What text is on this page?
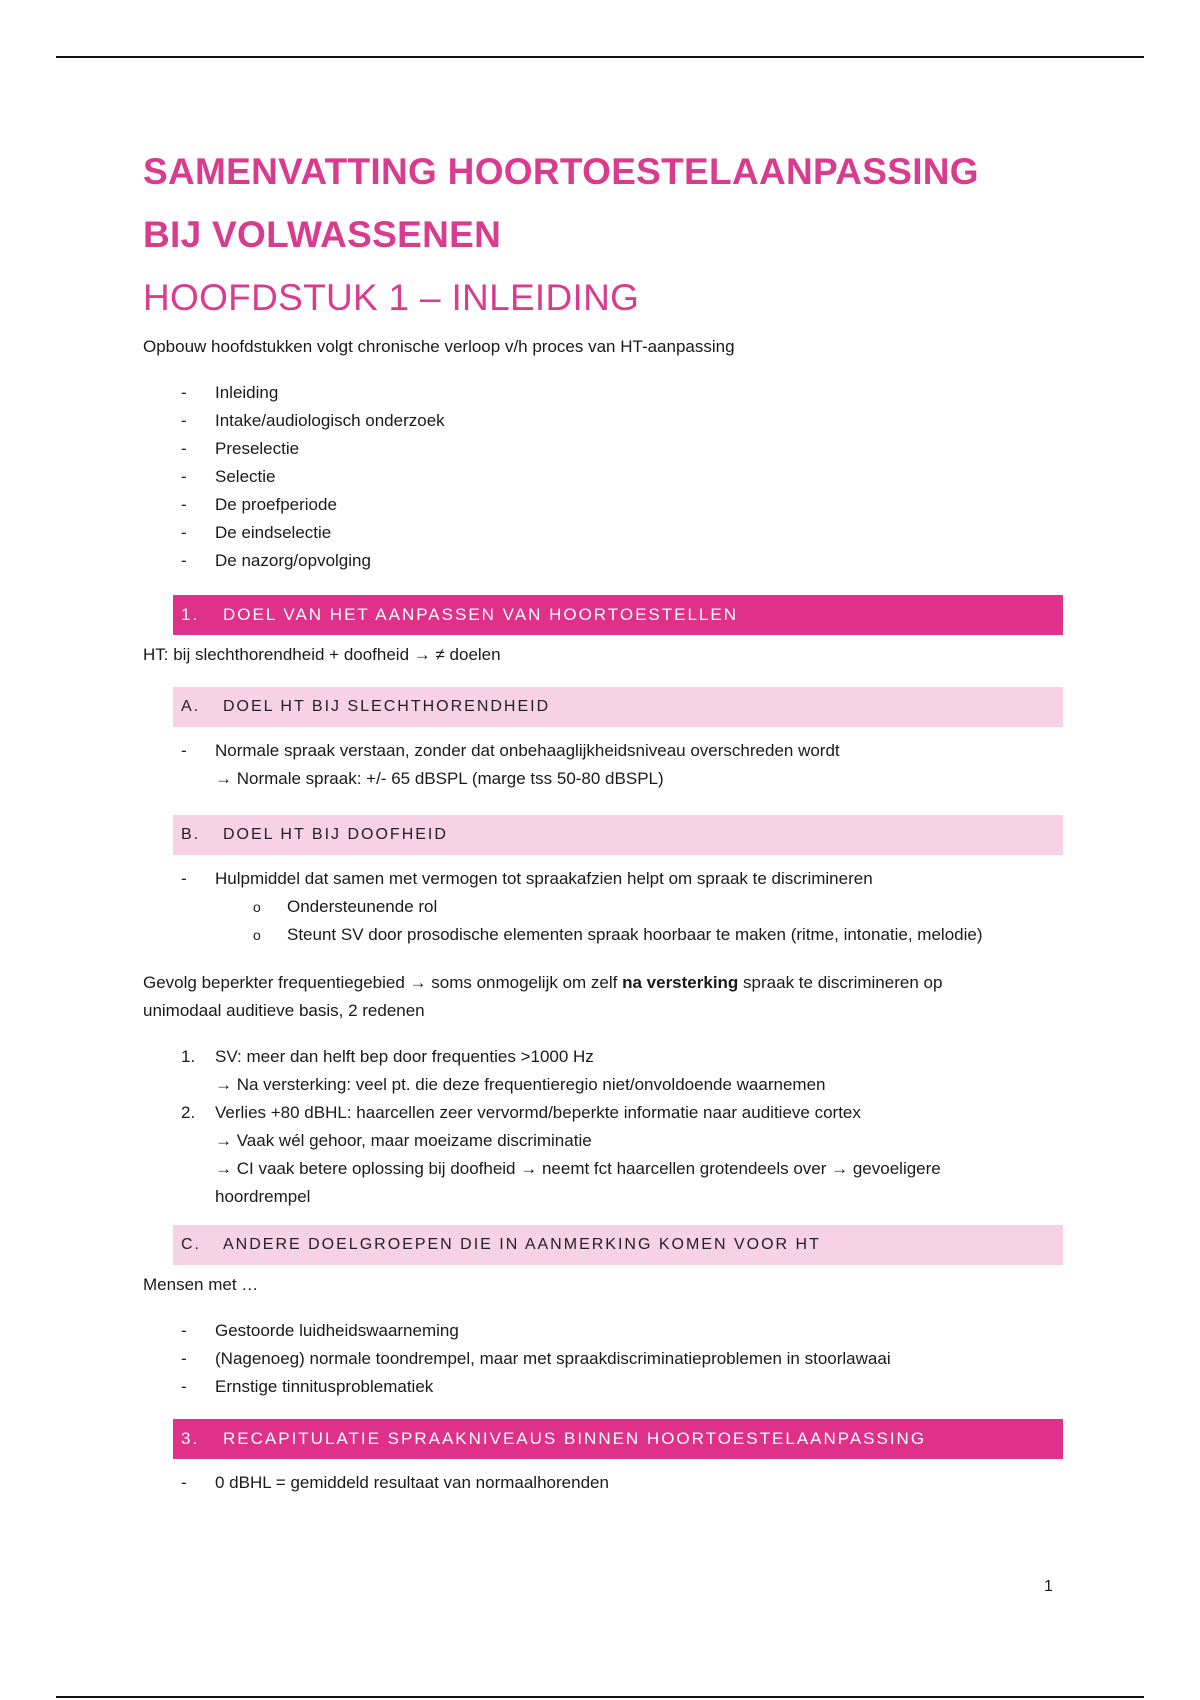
SAMENVATTING HOORTOESTELAANPASSING
BIJ VOLWASSENEN
HOOFDSTUK 1 – INLEIDING

Opbouw hoofdstukken volgt chronische verloop v/h proces van HT-aanpassing

- Inleiding
- Intake/audiologisch onderzoek
- Preselectie
- Selectie
- De proefperiode
- De eindselectie
- De nazorg/opvolging
1.	DOEL VAN HET AANPASSEN VAN HOORTOESTELLEN

HT: bij slechthorendheid + doofheid → ≠ doelen

A.	DOEL HT BIJ SLECHTHORENDHEID
- Normale spraak verstaan, zonder dat onbehaaglijkheidsniveau overschreden wordt
→ Normale spraak: +/- 65 dBSPL (marge tss 50-80 dBSPL)
B.	DOEL HT BIJ DOOFHEID
- Hulpmiddel dat samen met vermogen tot spraakafzien helpt om spraak te discrimineren
o Ondersteunende rol
o Steunt SV door prosodische elementen spraak hoorbaar te maken (ritme, intonatie, melodie)

Gevolg beperkter frequentiegebied → soms onmogelijk om zelf na versterking spraak te discrimineren op
unimodaal auditieve basis, 2 redenen

1. SV: meer dan helft bep door frequenties >1000 Hz
→ Na versterking: veel pt. die deze frequentieregio niet/onvoldoende waarnemen
2. Verlies +80 dBHL: haarcellen zeer vervormd/beperkte informatie naar auditieve cortex
→ Vaak wél gehoor, maar moeizame discriminatie
→ CI vaak betere oplossing bij doofheid → neemt fct haarcellen grotendeels over → gevoeligere
hoordrempel
C.	ANDERE DOELGROEPEN DIE IN AANMERKING KOMEN VOOR HT

Mensen met …

- Gestoorde luidheidswaarneming
- (Nagenoeg) normale toondrempel, maar met spraakdiscriminatieproblemen in stoorlawaai
- Ernstige tinnitusproblematiek
3.	RECAPITULATIE SPRAAKNIVEAUS BINNEN HOORTOESTELAANPASSING
- 0 dBHL = gemiddeld resultaat van normaalhorenden
1
